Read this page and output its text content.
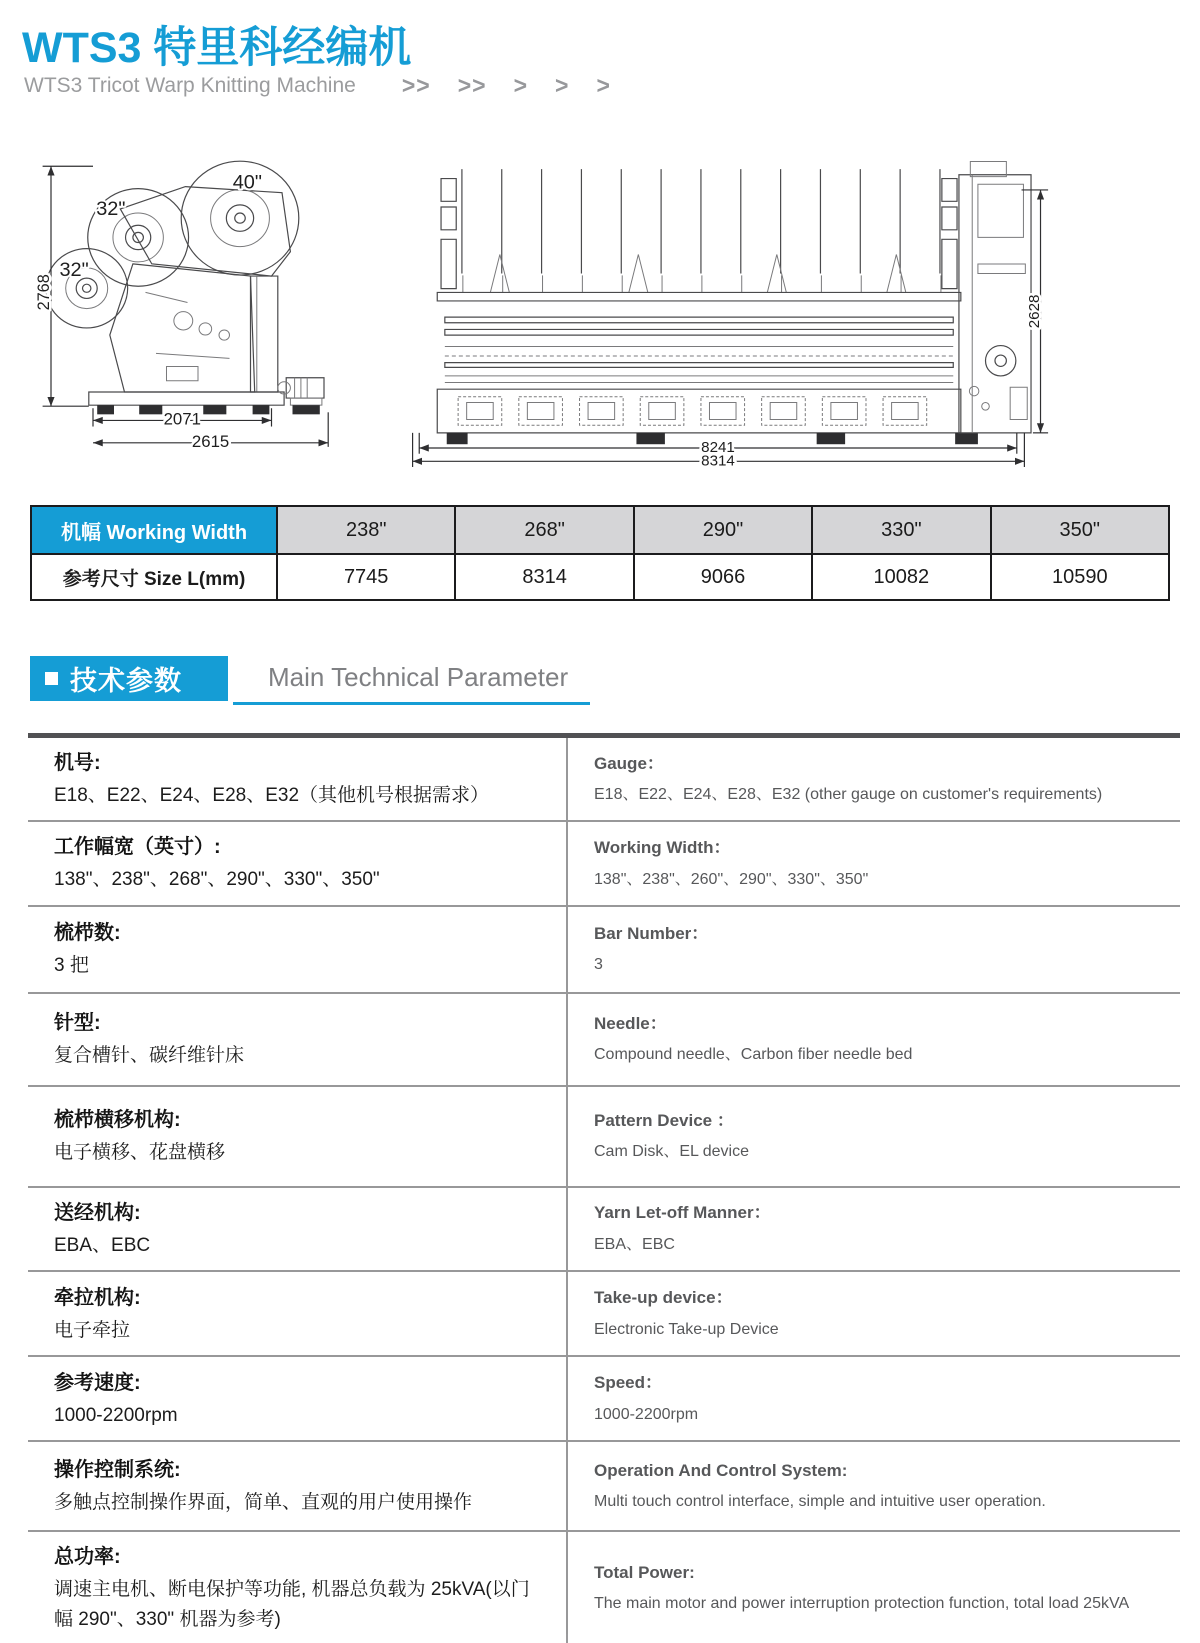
WTS3 特里科经编机
WTS3 Tricot Warp Knitting Machine >> >> > > >
2768
40"
32"
32"
2071
2615
2628
8241
8314
机幅 Working Width	238"	268"	290"	330"	350"
参考尺寸 Size L(mm)	7745	8314	9066	10082	10590
技术参数	Main Technical Parameter
机号:
E18、E22、E24、E28、E32（其他机号根据需求）
Gauge：
E18、E22、E24、E28、E32 (other gauge on customer's requirements)
工作幅宽（英寸）:
138"、238"、268"、290"、330"、350"
Working Width：
138"、238"、260"、290"、330"、350"
梳栉数:
3 把
Bar Number：
3
针型:
复合槽针、碳纤维针床
Needle：
Compound needle、Carbon fiber needle bed
梳栉横移机构:
电子横移、花盘横移
Pattern Device ：
Cam Disk、EL device
送经机构:
EBA、EBC
Yarn Let-off Manner：
EBA、EBC
牵拉机构:
电子牵拉
Take-up device：
Electronic Take-up Device
参考速度:
1000-2200rpm
Speed：
1000-2200rpm
操作控制系统:
多触点控制操作界面，简单、直观的用户使用操作
Operation And Control System:
Multi touch control interface, simple and intuitive user operation.
总功率:
调速主电机、断电保护等功能, 机器总负载为 25kVA(以门幅 290"、330" 机器为参考)
Total Power:
The main motor and power interruption protection function, total load 25kVA
